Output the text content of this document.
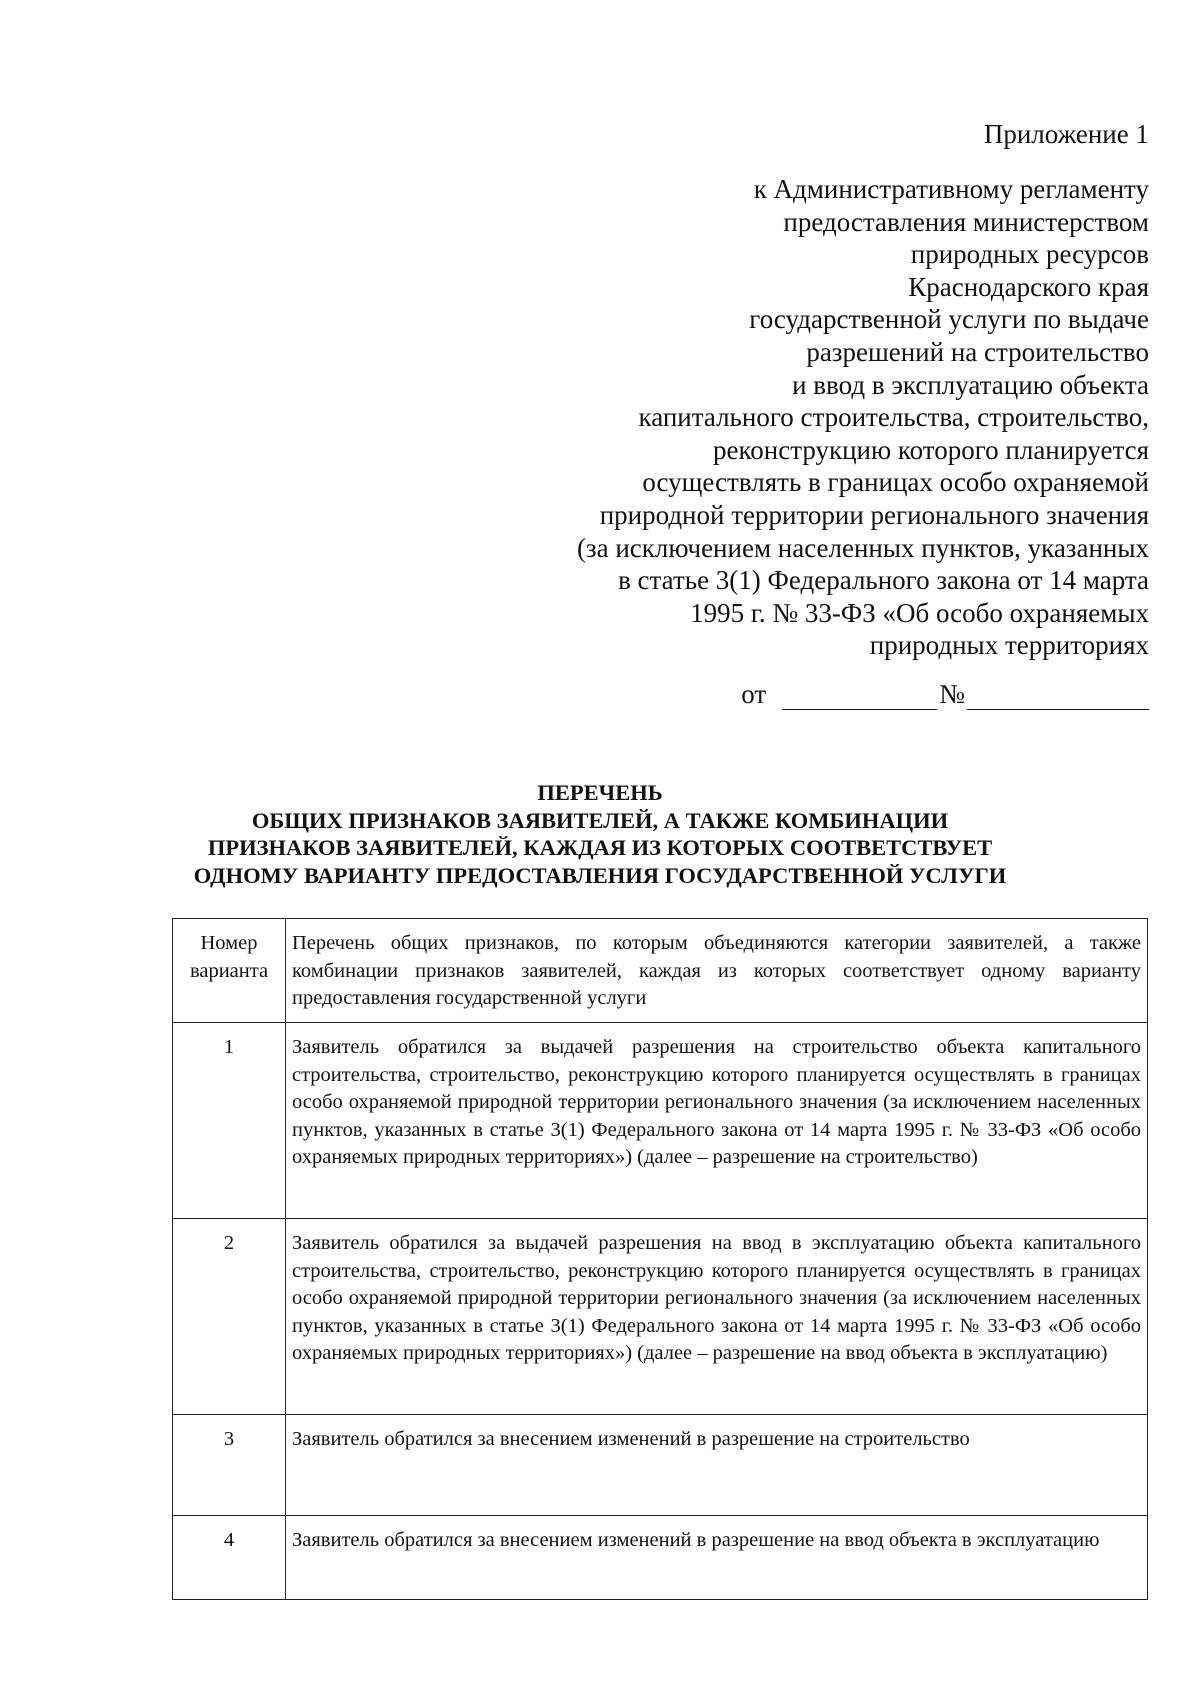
Приложение 1
к Административному регламенту
предоставления министерством
природных ресурсов
Краснодарского края
государственной услуги по выдаче
разрешений на строительство
и ввод в эксплуатацию объекта
капитального строительства, строительство,
реконструкцию которого планируется
осуществлять в границах особо охраняемой
природной территории регионального значения
(за исключением населенных пунктов, указанных
в статье 3(1) Федерального закона от 14 марта
1995 г. № 33-ФЗ «Об особо охраняемых
природных территориях
от	№
ПЕРЕЧЕНЬ
ОБЩИХ ПРИЗНАКОВ ЗАЯВИТЕЛЕЙ, А ТАКЖЕ КОМБИНАЦИИ
ПРИЗНАКОВ ЗАЯВИТЕЛЕЙ, КАЖДАЯ ИЗ КОТОРЫХ СООТВЕТСТВУЕТ
ОДНОМУ ВАРИАНТУ ПРЕДОСТАВЛЕНИЯ ГОСУДАРСТВЕННОЙ УСЛУГИ
Номер варианта	Перечень общих признаков, по которым объединяются категории заявителей, а также комбинации признаков заявителей, каждая из которых соответствует одному варианту предоставления государственной услуги
1	Заявитель обратился за выдачей разрешения на строительство объекта капитального строительства, строительство, реконструкцию которого планируется осуществлять в границах особо охраняемой природной территории регионального значения (за исключением населенных пунктов, указанных в статье 3(1) Федерального закона от 14 марта 1995 г. № 33-ФЗ «Об особо охраняемых природных территориях») (далее – разрешение на строительство)
2	Заявитель обратился за выдачей разрешения на ввод в эксплуатацию объекта капитального строительства, строительство, реконструкцию которого планируется осуществлять в границах особо охраняемой природной территории регионального значения (за исключением населенных пунктов, указанных в статье 3(1) Федерального закона от 14 марта 1995 г. № 33-ФЗ «Об особо охраняемых природных территориях») (далее – разрешение на ввод объекта в эксплуатацию)
3	Заявитель обратился за внесением изменений в разрешение на строительство
4	Заявитель обратился за внесением изменений в разрешение на ввод объекта в эксплуатацию
